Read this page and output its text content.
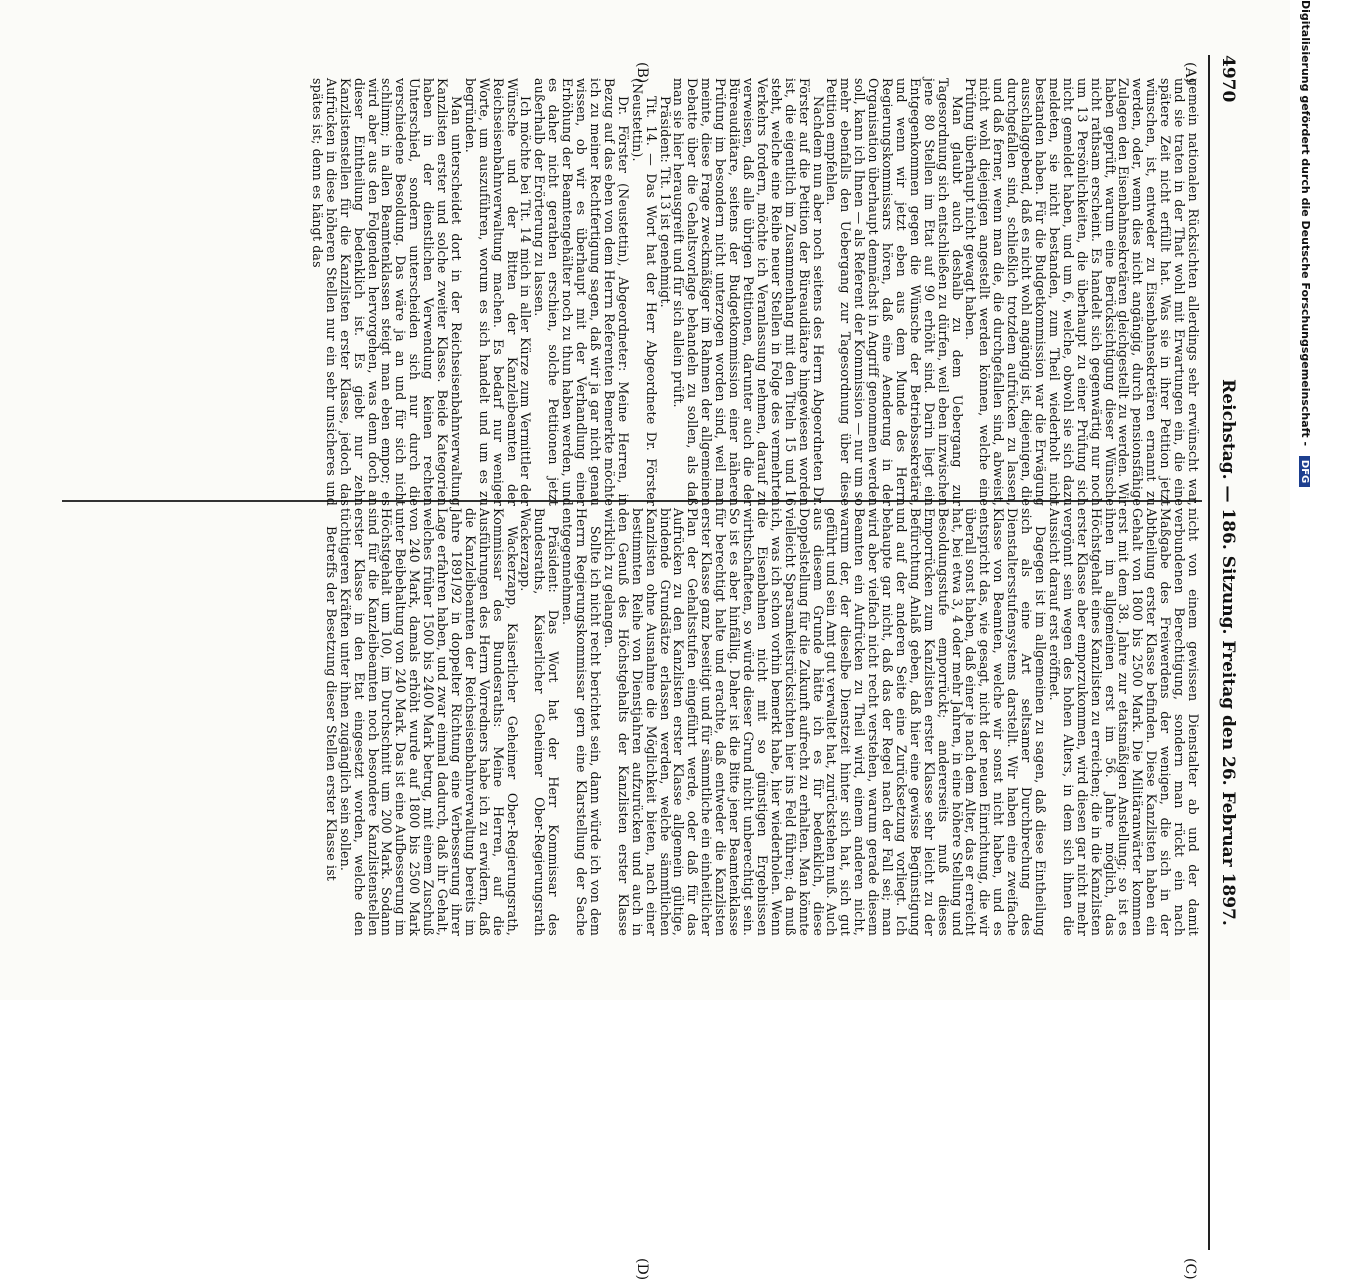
4970
Reichstag. — 186. Sitzung. Freitag den 26. Februar 1897.
(A)
(B)
(C)
(D)

gemein nationalen Rücksichten allerdings sehr erwünscht war, und sie traten in der That wohl mit Erwartungen ein, die eine spätere Zeit nicht erfüllt hat. Was sie in ihrer Petition jetzt wünschen, ist, entweder zu Eisenbahnsekretären ernannt zu werden, oder, wenn dies nicht angängig, durch pensionsfähige Zulagen den Eisenbahnsekretären gleichgestellt zu werden. Wir haben geprüft, warum eine Berücksichtigung dieser Wünsche nicht rathsam erscheint. Es handelt sich gegenwärtig nur noch um 13 Persönlichkeiten, die überhaupt zu einer Prüfung sich nicht gemeldet haben, und um 6, welche, obwohl sie sich dazu meldeten, sie nicht bestanden, zum Theil wiederholt nicht bestanden haben. Für die Budgetkommission war die Erwägung ausschlaggebend, daß es nicht wohl angängig ist, diejenigen, die durchgefallen sind, schließlich trotzdem aufrücken zu lassen, und daß ferner, wenn man die, die durchgefallen sind, abweist, nicht wohl diejenigen angestellt werden können, welche eine Prüfung überhaupt nicht gewagt haben.

Man glaubt auch deshalb zu dem Uebergang zur Tagesordnung sich entschließen zu dürfen, weil eben inzwischen jene 80 Stellen im Etat auf 90 erhöht sind. Darin liegt ein Entgegenkommen gegen die Wünsche der Betriebssekretäre, und wenn wir jetzt eben aus dem Munde des Herrn Regierungskommissars hören, daß eine Aenderung in der Organisation überhaupt demnächst in Angriff genommen werden soll, kann ich Ihnen — als Referent der Kommission — nur um so mehr ebenfalls den Uebergang zur Tagesordnung über diese Petition empfehlen.

Nachdem nun aber noch seitens des Herrn Abgeordneten Dr. Förster auf die Petition der Büreaudiätare hingewiesen worden ist, die eigentlich im Zusammenhang mit den Titeln 15 und 16 steht, welche eine Reihe neuer Stellen in Folge des vermehrten Verkehrs fordern, möchte ich Veranlassung nehmen, darauf zu verweisen, daß alle übrigen Petitionen, darunter auch die der Büreaudiätare, seitens der Budgetkommission einer näheren Prüfung im besondern nicht unterzogen worden sind, weil man meinte, diese Frage zweckmäßiger im Rahmen der allgemeinen Debatte über die Gehaltsvorlage behandeln zu sollen, als daß man sie hier herausgreift und für sich allein prüft.

Präsident: Tit. 13 ist genehmigt.

Tit. 14. — Das Wort hat der Herr Abgeordnete Dr. Förster (Neustettin).

Dr. Förster (Neustettin), Abgeordneter: Meine Herren, in Bezug auf das eben von dem Herrn Referenten Bemerkte möchte ich zu meiner Rechtfertigung sagen, daß wir ja gar nicht genau wissen, ob wir es überhaupt mit der Verhandlung einer Erhöhung der Beamtengehälter noch zu thun haben werden, und es daher nicht gerathen erschien, solche Petitionen jetzt außerhalb der Erörterung zu lassen.

Ich möchte bei Tit. 14 mich in aller Kürze zum Vermittler der Wünsche und der Bitten der Kanzleibeamten der Reichseisenbahnverwaltung machen. Es bedarf nur weniger Worte, um auszuführen, worum es sich handelt und um es zu begründen.

Man unterscheidet dort in der Reichseisenbahnverwaltung Kanzlisten erster und solche zweiter Klasse. Beide Kategorien haben in der dienstlichen Verwendung keinen rechten Unterschied, sondern unterscheiden sich nur durch die verschiedene Besoldung. Das wäre ja an und für sich nicht schlimm; in allen Beamtenklassen steigt man eben empor; es wird aber aus den Folgenden hervorgehen, was denn doch an dieser Eintheilung bedenklich ist. Es giebt nur zehn Kanzlistenstellen für die Kanzlisten erster Klasse, jedoch das Aufrücken in diese höheren Stellen nur ein sehr unsicheres und spätes ist; denn es hängt das

nicht von einem gewissen Dienstalter ab und der damit verbundenen Berechtigung, sondern man rückt ein nach Maßgabe des Freiwerdens der wenigen, die sich in der Abtheilung erster Klasse befinden. Diese Kanzlisten haben ein Gehalt von 1800 bis 2500 Mark. Die Militäranwärter kommen erst mit dem 38. Jahre zur etatsmäßigen Anstellung; so ist es ihnen im allgemeinen erst im 56. Jahre möglich, das Höchstgehalt eines Kanzlisten zu erreichen; die in die Kanzlisten erster Klasse aber emporzukommen, wird diesen gar nicht mehr vergönnt sein wegen des hohen Alters, in dem sich ihnen die Aussicht darauf erst eröffnet.

Dagegen ist im allgemeinen zu sagen, daß diese Eintheilung sich als eine Art seltsamer Durchbrechung des Dienstaltersstufensystems darstellt. Wir haben eine zweifache Klasse von Beamten, welche wir sonst nicht haben, und es entspricht das, wie gesagt, nicht der neuen Einrichtung, die wir überall sonst haben, daß einer je nach dem Alter, das er erreicht hat, bei etwa 3, 4 oder mehr Jahren, in eine höhere Stellung und Besoldungsstufe emporrückt; andererseits muß dieses Emporrücken zum Kanzlisten erster Klasse sehr leicht zu der Befürchtung Anlaß geben, daß hier eine gewisse Begünstigung und auf der anderen Seite eine Zurücksetzung vorliegt. Ich behaupte gar nicht, daß das der Regel nach der Fall sei; man wird aber vielfach nicht recht verstehen, warum gerade diesem Beamten ein Aufrücken zu Theil wird, einem anderen nicht, warum der, der dieselbe Dienstzeit hinter sich hat, sich gut geführt und sein Amt gut verwaltet hat, zurückstehen muß. Auch aus diesem Grunde hätte ich es für bedenklich, diese Doppelstellung für die Zukunft aufrecht zu erhalten. Man könnte vielleicht Sparsamkeitsrücksichten hier ins Feld führen; da muß ich, was ich schon vorhin bemerkt habe, hier wiederholen. Wenn die Eisenbahnen nicht mit so günstigen Ergebnissen wirthschafteten, so würde dieser Grund nicht unberechtigt sein. So ist es aber hinfällig. Daher ist die Bitte jener Beamtenklasse für berechtigt halte und erachte, daß entweder die Kanzlisten erster Klasse ganz beseitigt und für sämmtliche ein einheitlicher Plan der Gehaltsstufen eingeführt werde, oder daß für das Aufrücken zu den Kanzlisten erster Klasse allgemein gültige, bindende Grundsätze erlassen werden, welche sämmtlichen Kanzlisten ohne Ausnahme die Möglichkeit bieten, nach einer bestimmten Reihe von Dienstjahren aufzurücken und auch in den Genuß des Höchstgehalts der Kanzlisten erster Klasse wirklich zu gelangen.

Sollte ich nicht recht berichtet sein, dann würde ich von dem Herrn Regierungskommissar gern eine Klarstellung der Sache entgegennehmen.

Präsident: Das Wort hat der Herr Kommissar des Bundesraths, Kaiserlicher Geheimer Ober-Regierungsrath Wackerzapp.

Wackerzapp, Kaiserlicher Geheimer Ober-Regierungsrath, Kommissar des Bundesraths: Meine Herren, auf die Ausführungen des Herrn Vorredners habe ich zu erwidern, daß die Kanzleibeamten der Reichseisenbahnverwaltung bereits im Jahre 1891/92 in doppelter Richtung eine Verbesserung ihrer Lage erfahren haben, und zwar einmal dadurch, daß ihr Gehalt, welches früher 1500 bis 2400 Mark betrug, mit einem Zuschuß von 240 Mark, damals erhöht wurde auf 1800 bis 2500 Mark unter Beibehaltung von 240 Mark. Das ist eine Aufbesserung im Höchstgehalt um 100, im Durchschnitt um 200 Mark. Sodann sind für die Kanzleibeamten noch besondere Kanzlistenstellen erster Klasse in den Etat eingesetzt worden, welche den tüchtigeren Kräften unter ihnen zugänglich sein sollen.

Betreffs der Besetzung dieser Stellen erster Klasse ist

Digitalisierung gefördert durch die Deutsche Forschungsgemeinschaft - DFG
